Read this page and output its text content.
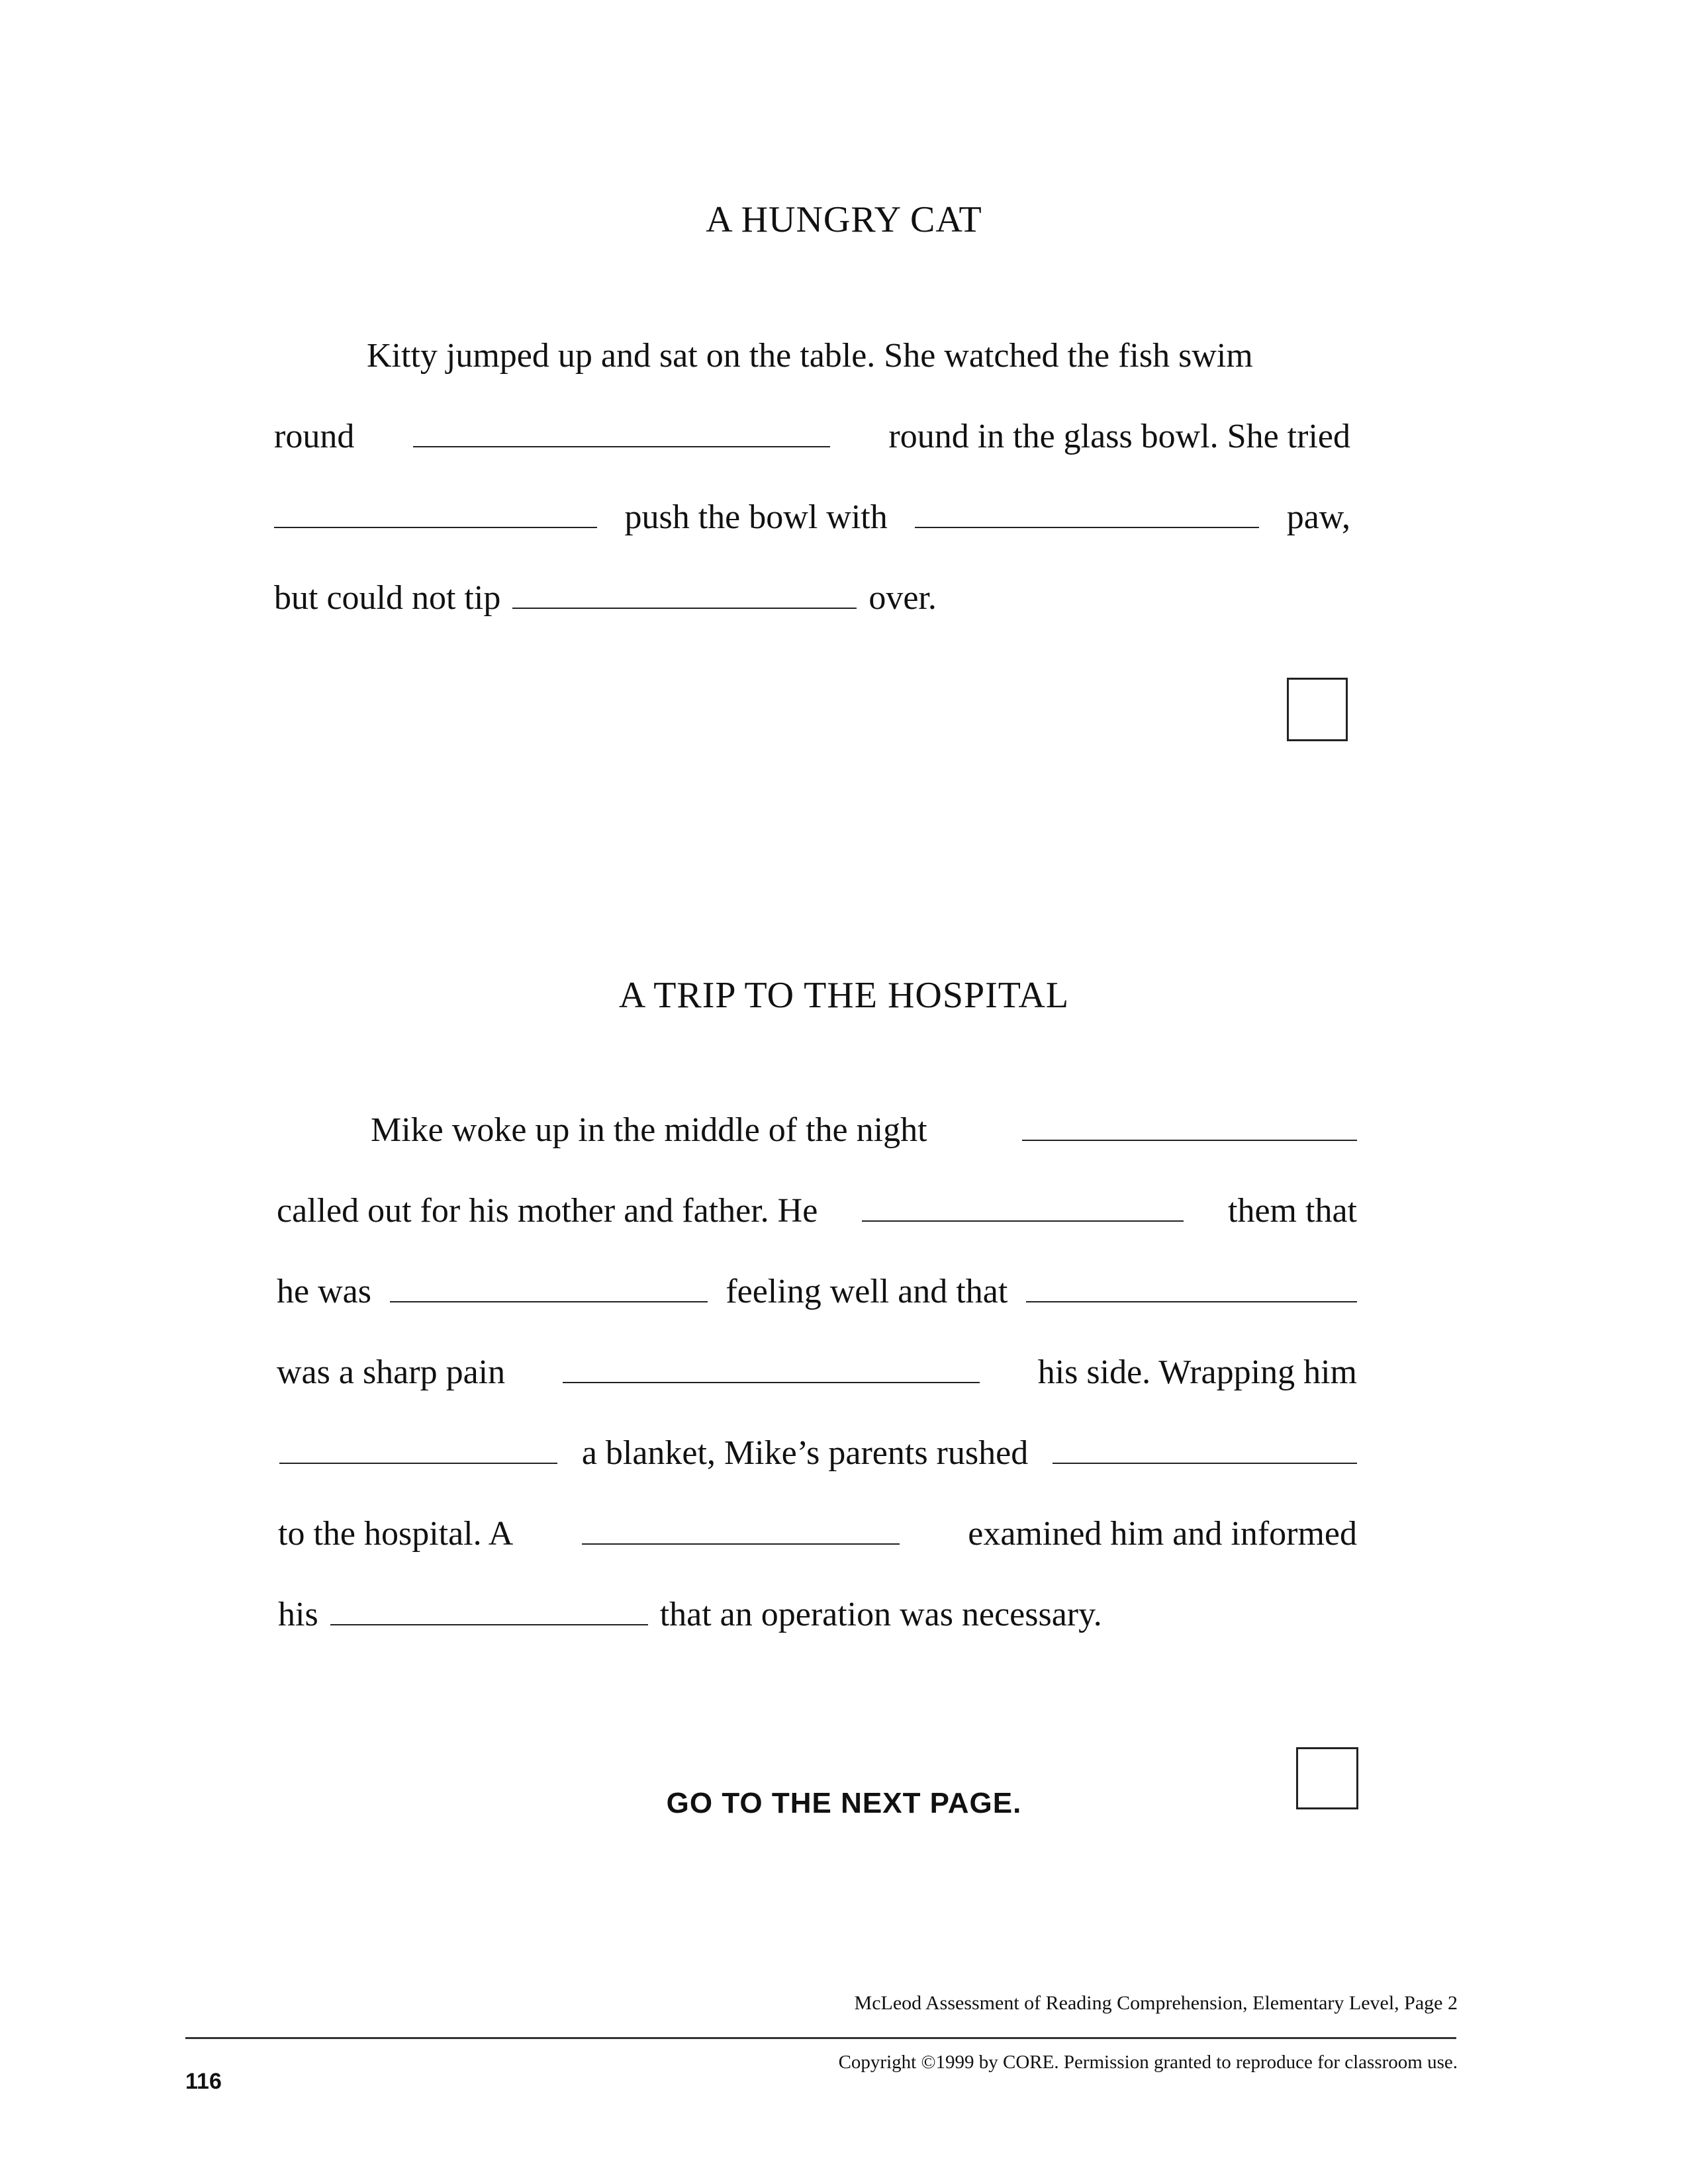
A HUNGRY CAT
Kitty jumped up and sat on the table. She watched the fish swim
round	round in the glass bowl. She tried
push the bowl with	paw,
but could not tip	over.
A TRIP TO THE HOSPITAL
Mike woke up in the middle of the night
called out for his mother and father. He	them that
he was	feeling well and that
was a sharp pain	his side. Wrapping him
a blanket, Mike’s parents rushed
to the hospital. A	examined him and informed
his	that an operation was necessary.
GO TO THE NEXT PAGE.
McLeod Assessment of Reading Comprehension, Elementary Level, Page 2
Copyright ©1999 by CORE. Permission granted to reproduce for classroom use.
116
